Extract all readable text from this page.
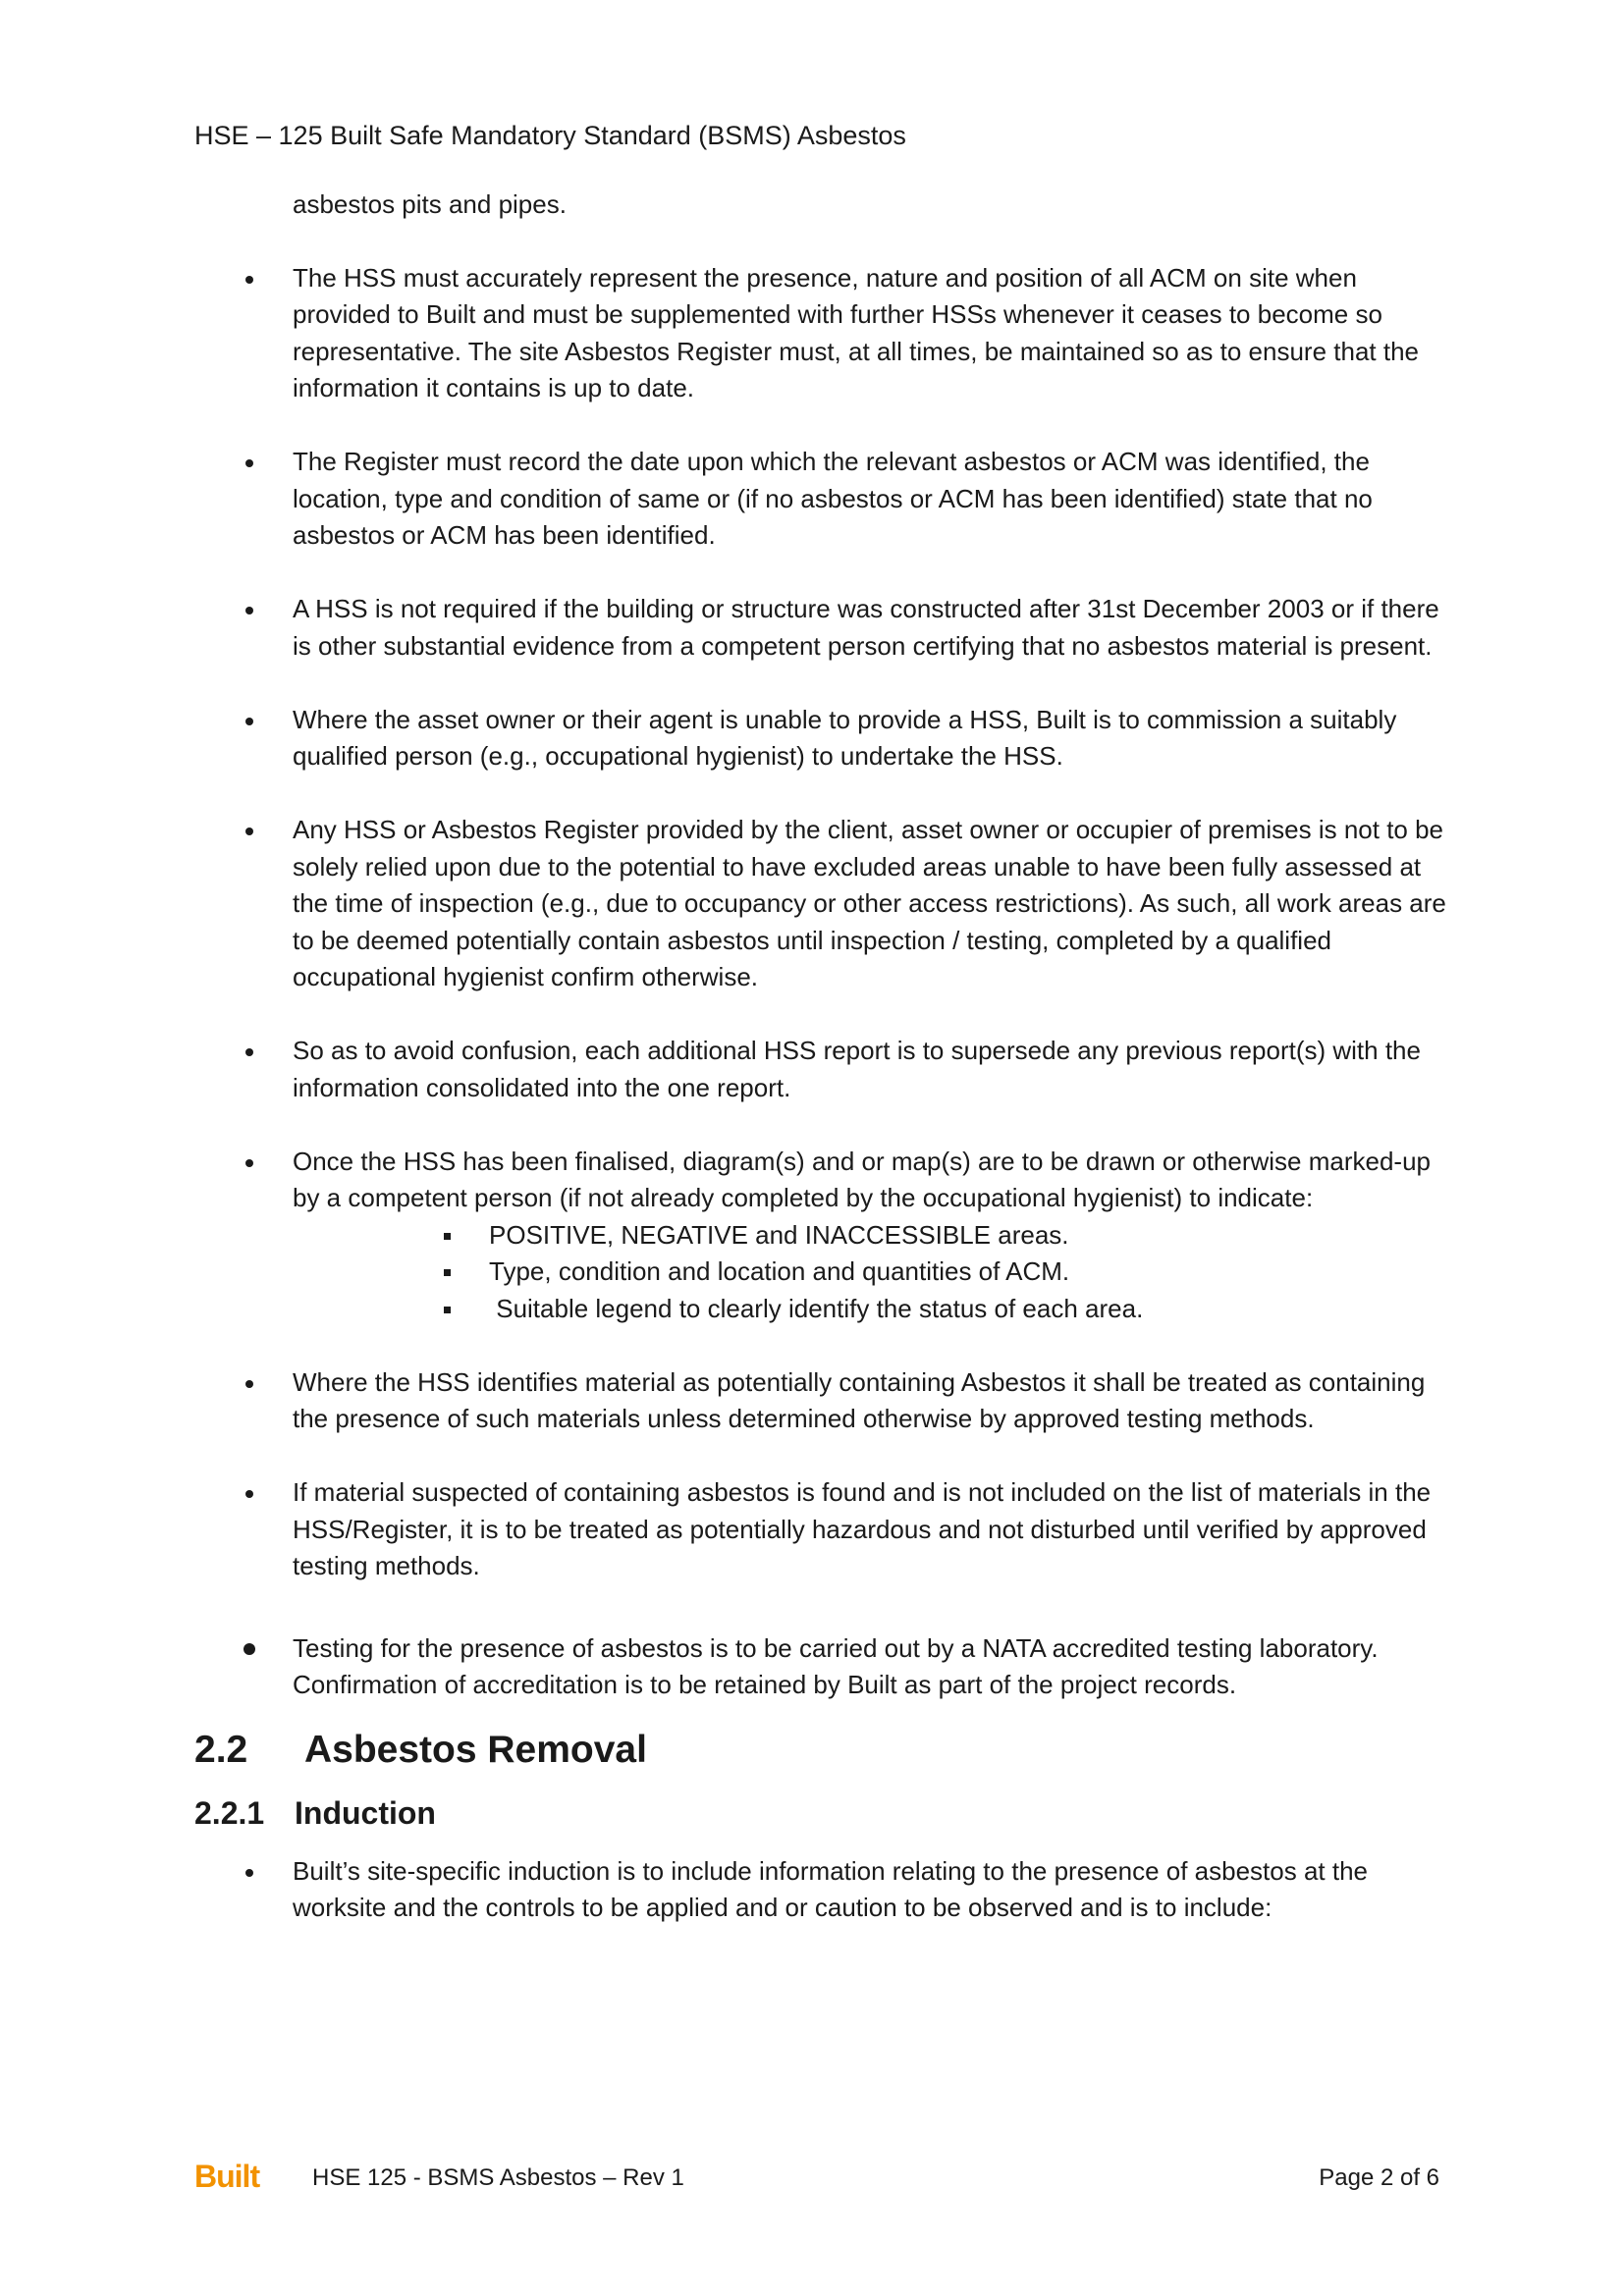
HSE – 125 Built Safe Mandatory Standard (BSMS) Asbestos

asbestos pits and pipes.

The HSS must accurately represent the presence, nature and position of all ACM on site when provided to Built and must be supplemented with further HSSs whenever it ceases to become so representative. The site Asbestos Register must, at all times, be maintained so as to ensure that the information it contains is up to date.
The Register must record the date upon which the relevant asbestos or ACM was identified, the location, type and condition of same or (if no asbestos or ACM has been identified) state that no asbestos or ACM has been identified.
A HSS is not required if the building or structure was constructed after 31st December 2003 or if there is other substantial evidence from a competent person certifying that no asbestos material is present.
Where the asset owner or their agent is unable to provide a HSS, Built is to commission a suitably qualified person (e.g., occupational hygienist) to undertake the HSS.
Any HSS or Asbestos Register provided by the client, asset owner or occupier of premises is not to be solely relied upon due to the potential to have excluded areas unable to have been fully assessed at the time of inspection (e.g., due to occupancy or other access restrictions). As such, all work areas are to be deemed potentially contain asbestos until inspection / testing, completed by a qualified occupational hygienist confirm otherwise.
So as to avoid confusion, each additional HSS report is to supersede any previous report(s) with the information consolidated into the one report.
Once the HSS has been finalised, diagram(s) and or map(s) are to be drawn or otherwise marked-up by a competent person (if not already completed by the occupational hygienist) to indicate:
POSITIVE, NEGATIVE and INACCESSIBLE areas.
Type, condition and location and quantities of ACM.
Suitable legend to clearly identify the status of each area.
Where the HSS identifies material as potentially containing Asbestos it shall be treated as containing the presence of such materials unless determined otherwise by approved testing methods.
If material suspected of containing asbestos is found and is not included on the list of materials in the HSS/Register, it is to be treated as potentially hazardous and not disturbed until verified by approved testing methods.
Testing for the presence of asbestos is to be carried out by a NATA accredited testing laboratory. Confirmation of accreditation is to be retained by Built as part of the project records.
2.2 Asbestos Removal
2.2.1 Induction
Built’s site-specific induction is to include information relating to the presence of asbestos at the worksite and the controls to be applied and or caution to be observed and is to include:
Built HSE 125 - BSMS Asbestos – Rev 1	Page 2 of 6
